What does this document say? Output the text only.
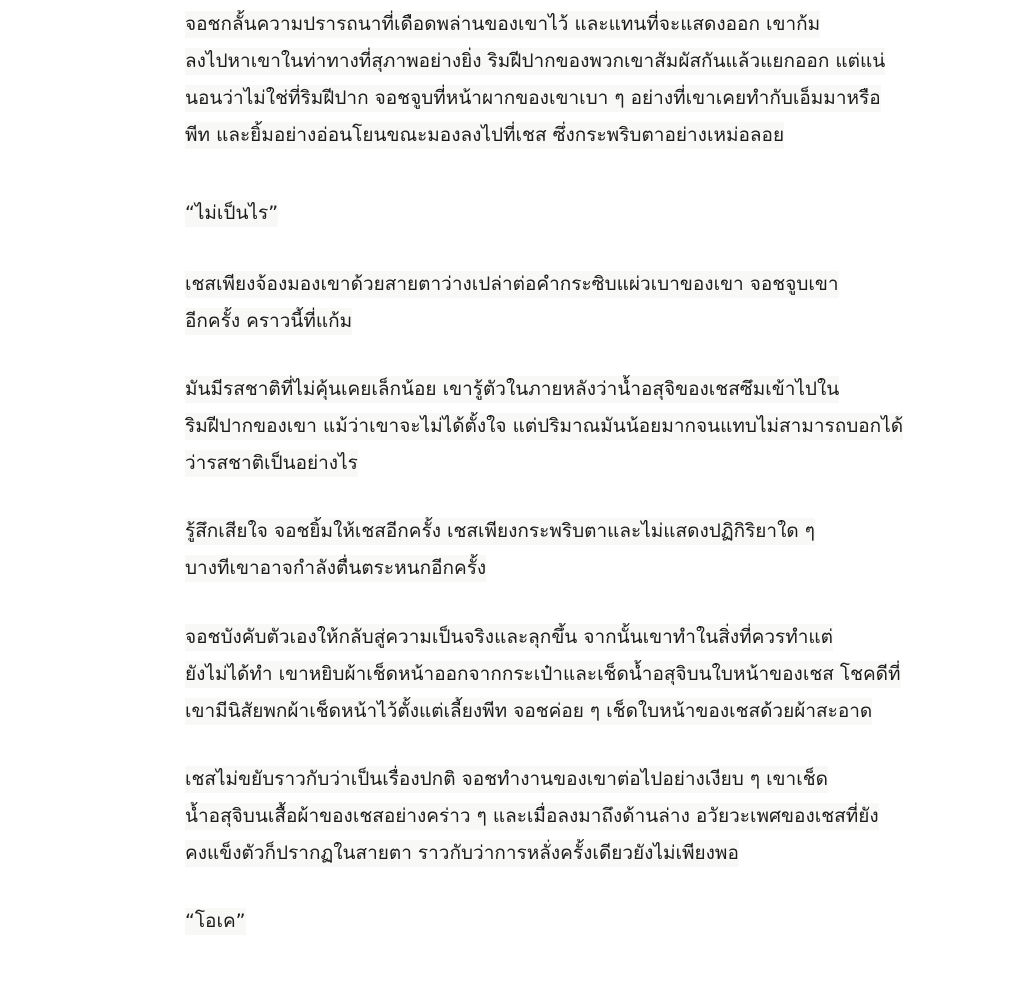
จอชกลั้นความปรารถนาที่เดือดพล่านของเขาไว้ และแทนที่จะแสดงออก เขาก้ม
ลงไปหาเขาในท่าทางที่สุภาพอย่างยิ่ง ริมฝีปากของพวกเขาสัมผัสกันแล้วแยกออก แต่แน่
นอนว่าไม่ใช่ที่ริมฝีปาก จอชจูบที่หน้าผากของเขาเบา ๆ อย่างที่เขาเคยทำกับเอ็มมาหรือ
พีท และยิ้มอย่างอ่อนโยนขณะมองลงไปที่เชส ซึ่งกระพริบตาอย่างเหม่อลอย

“ไม่เป็นไร”

เชสเพียงจ้องมองเขาด้วยสายตาว่างเปล่าต่อคำกระซิบแผ่วเบาของเขา จอชจูบเขา
อีกครั้ง คราวนี้ที่แก้ม

มันมีรสชาติที่ไม่คุ้นเคยเล็กน้อย เขารู้ตัวในภายหลังว่าน้ำอสุจิของเชสซึมเข้าไปใน
ริมฝีปากของเขา แม้ว่าเขาจะไม่ได้ตั้งใจ แต่ปริมาณมันน้อยมากจนแทบไม่สามารถบอกได้
ว่ารสชาติเป็นอย่างไร

รู้สึกเสียใจ จอชยิ้มให้เชสอีกครั้ง เชสเพียงกระพริบตาและไม่แสดงปฏิกิริยาใด ๆ
บางทีเขาอาจกำลังตื่นตระหนกอีกครั้ง

จอชบังคับตัวเองให้กลับสู่ความเป็นจริงและลุกขึ้น จากนั้นเขาทำในสิ่งที่ควรทำแต่
ยังไม่ได้ทำ เขาหยิบผ้าเช็ดหน้าออกจากกระเป๋าและเช็ดน้ำอสุจิบนใบหน้าของเชส โชคดีที่
เขามีนิสัยพกผ้าเช็ดหน้าไว้ตั้งแต่เลี้ยงพีท จอชค่อย ๆ เช็ดใบหน้าของเชสด้วยผ้าสะอาด

เชสไม่ขยับราวกับว่าเป็นเรื่องปกติ จอชทำงานของเขาต่อไปอย่างเงียบ ๆ เขาเช็ด
น้ำอสุจิบนเสื้อผ้าของเชสอย่างคร่าว ๆ และเมื่อลงมาถึงด้านล่าง อวัยวะเพศของเชสที่ยัง
คงแข็งตัวก็ปรากฏในสายตา ราวกับว่าการหลั่งครั้งเดียวยังไม่เพียงพอ

“โอเค”
